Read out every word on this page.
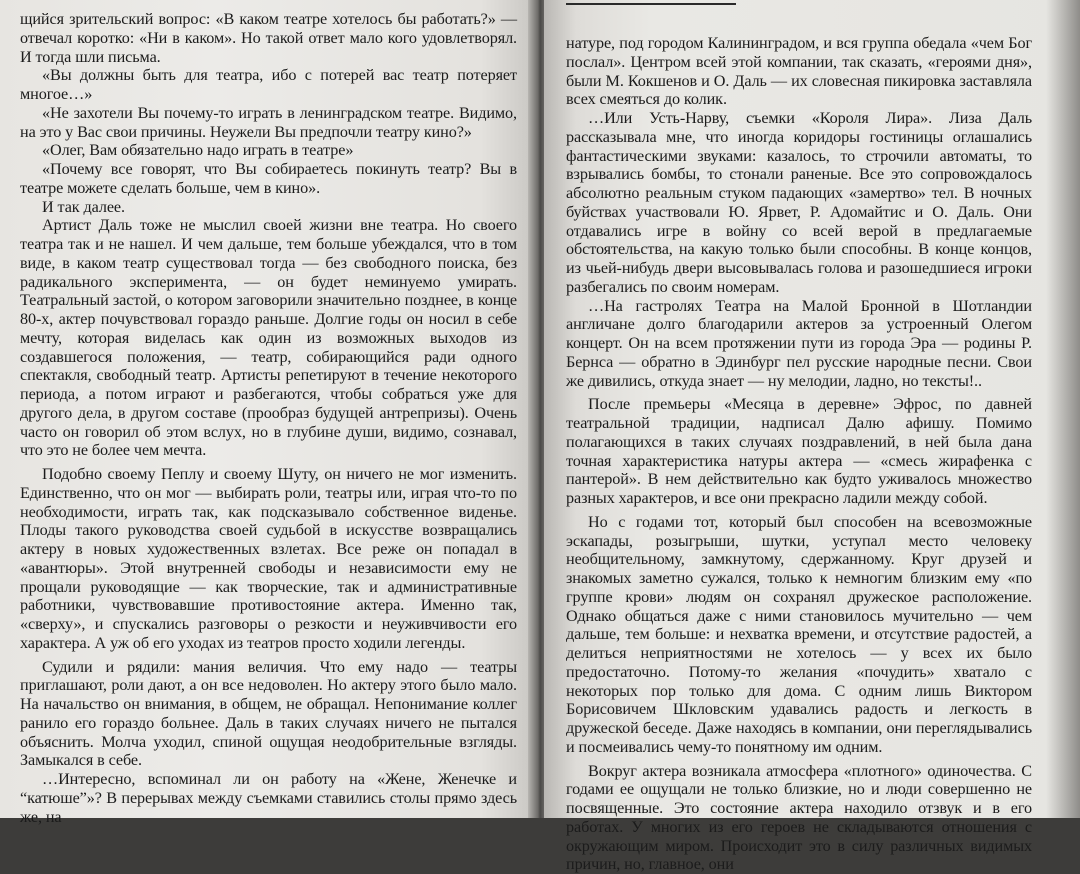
щийся зрительский вопрос: «В каком театре хотелось бы работать?» — отвечал коротко: «Ни в каком». Но такой ответ мало кого удовлетворял. И тогда шли письма.

«Вы должны быть для театра, ибо с потерей вас театр потеряет многое…»

«Не захотели Вы почему-то играть в ленинградском театре. Видимо, на это у Вас свои причины. Неужели Вы предпочли театру кино?»

«Олег, Вам обязательно надо играть в театре»

«Почему все говорят, что Вы собираетесь покинуть театр? Вы в театре можете сделать больше, чем в кино».

И так далее.

Артист Даль тоже не мыслил своей жизни вне театра. Но своего театра так и не нашел. И чем дальше, тем больше убеждался, что в том виде, в каком театр существовал тогда — без свободного поиска, без радикального эксперимента, — он будет неминуемо умирать. Театральный застой, о котором заговорили значительно позднее, в конце 80-х, актер почувствовал гораздо раньше. Долгие годы он носил в себе мечту, которая виделась как один из возможных выходов из создавшегося положения, — театр, собирающийся ради одного спектакля, свободный театр. Артисты репетируют в течение некоторого периода, а потом играют и разбегаются, чтобы собраться уже для другого дела, в другом составе (прообраз будущей антрепризы). Очень часто он говорил об этом вслух, но в глубине души, видимо, сознавал, что это не более чем мечта.

Подобно своему Пеплу и своему Шуту, он ничего не мог изменить. Единственно, что он мог — выбирать роли, театры или, играя что-то по необходимости, играть так, как подсказывало собственное виденье. Плоды такого руководства своей судьбой в искусстве возвращались актеру в новых художественных взлетах. Все реже он попадал в «авантюры». Этой внутренней свободы и независимости ему не прощали руководящие — как творческие, так и административные работники, чувствовавшие противостояние актера. Именно так, «сверху», и спускались разговоры о резкости и неуживчивости его характера. А уж об его уходах из театров просто ходили легенды.

Судили и рядили: мания величия. Что ему надо — театры приглашают, роли дают, а он все недоволен. Но актеру этого было мало. На начальство он внимания, в общем, не обращал. Непонимание коллег ранило его гораздо больнее. Даль в таких случаях ничего не пытался объяснить. Молча уходил, спиной ощущая неодобрительные взгляды. Замыкался в себе.

…Интересно, вспоминал ли он работу на «Жене, Женечке и “катюше”»? В перерывах между съемками ставились столы прямо здесь же, на

натуре, под городом Калининградом, и вся группа обедала «чем Бог послал». Центром всей этой компании, так сказать, «героями дня», были М. Кокшенов и О. Даль — их словесная пикировка заставляла всех смеяться до колик.

…Или Усть-Нарву, съемки «Короля Лира». Лиза Даль рассказывала мне, что иногда коридоры гостиницы оглашались фантастическими звуками: казалось, то строчили автоматы, то взрывались бомбы, то стонали раненые. Все это сопровождалось абсолютно реальным стуком падающих «замертво» тел. В ночных буйствах участвовали Ю. Ярвет, Р. Адомайтис и О. Даль. Они отдавались игре в войну со всей верой в предлагаемые обстоятельства, на какую только были способны. В конце концов, из чьей-нибудь двери высовывалась голова и разошедшиеся игроки разбегались по своим номерам.

…На гастролях Театра на Малой Бронной в Шотландии англичане долго благодарили актеров за устроенный Олегом концерт. Он на всем протяжении пути из города Эра — родины Р. Бернса — обратно в Эдинбург пел русские народные песни. Свои же дивились, откуда знает — ну мелодии, ладно, но тексты!..

После премьеры «Месяца в деревне» Эфрос, по давней театральной традиции, надписал Далю афишу. Помимо полагающихся в таких случаях поздравлений, в ней была дана точная характеристика натуры актера — «смесь жирафенка с пантерой». В нем действительно как будто уживалось множество разных характеров, и все они прекрасно ладили между собой.

Но с годами тот, который был способен на всевозможные эскапады, розыгрыши, шутки, уступал место человеку необщительному, замкнутому, сдержанному. Круг друзей и знакомых заметно сужался, только к немногим близким ему «по группе крови» людям он сохранял дружеское расположение. Однако общаться даже с ними становилось мучительно — чем дальше, тем больше: и нехватка времени, и отсутствие радостей, а делиться неприятностями не хотелось — у всех их было предостаточно. Потому-то желания «почудить» хватало с некоторых пор только для дома. С одним лишь Виктором Борисовичем Шкловским удавались радость и легкость в дружеской беседе. Даже находясь в компании, они переглядывались и посмеивались чему-то понятному им одним.

Вокруг актера возникала атмосфера «плотного» одиночества. С годами ее ощущали не только близкие, но и люди совершенно не посвященные. Это состояние актера находило отзвук и в его работах. У многих из его героев не складываются отношения с окружающим миром. Происходит это в силу различных видимых причин, но, главное, они
